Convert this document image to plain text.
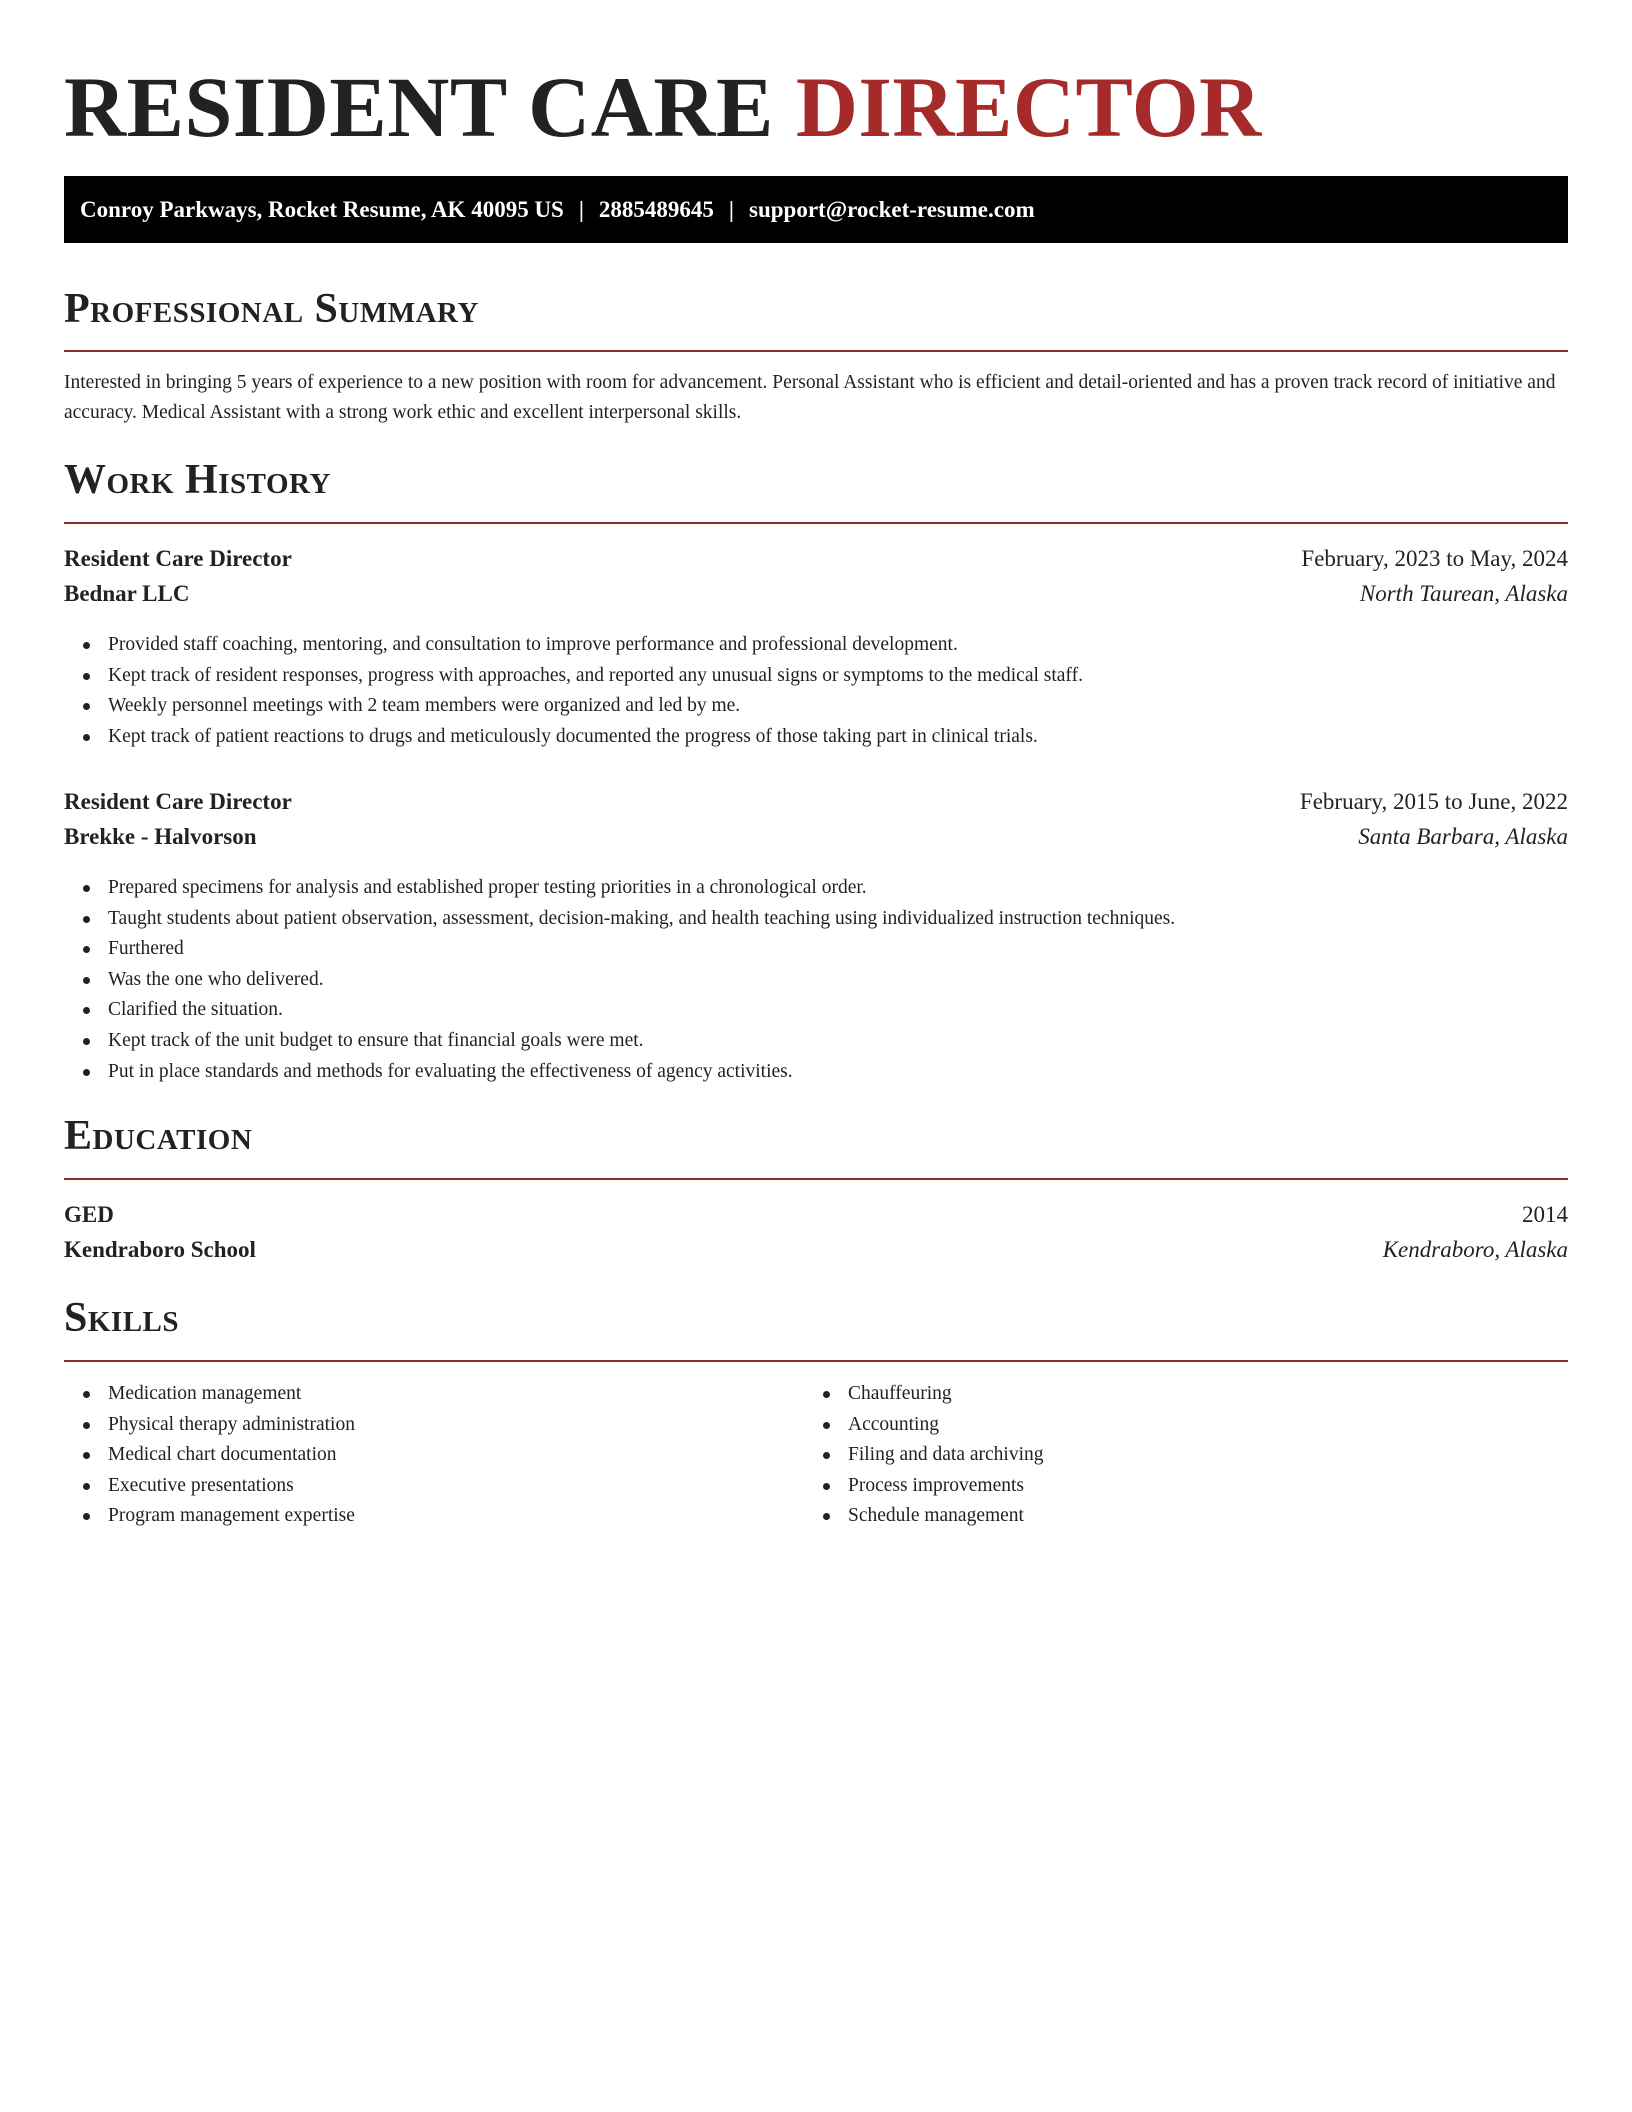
RESIDENT CARE DIRECTOR
Conroy Parkways, Rocket Resume, AK 40095 US | 2885489645 | support@rocket-resume.com
Professional Summary

Interested in bringing 5 years of experience to a new position with room for advancement. Personal Assistant who is efficient and detail-oriented and has a proven track record of initiative and accuracy. Medical Assistant with a strong work ethic and excellent interpersonal skills.

Work History
Resident Care Director	February, 2023 to May, 2024
Bednar LLC	North Taurean, Alaska
Provided staff coaching, mentoring, and consultation to improve performance and professional development.
Kept track of resident responses, progress with approaches, and reported any unusual signs or symptoms to the medical staff.
Weekly personnel meetings with 2 team members were organized and led by me.
Kept track of patient reactions to drugs and meticulously documented the progress of those taking part in clinical trials.
Resident Care Director	February, 2015 to June, 2022
Brekke - Halvorson	Santa Barbara, Alaska
Prepared specimens for analysis and established proper testing priorities in a chronological order.
Taught students about patient observation, assessment, decision-making, and health teaching using individualized instruction techniques.
Furthered
Was the one who delivered.
Clarified the situation.
Kept track of the unit budget to ensure that financial goals were met.
Put in place standards and methods for evaluating the effectiveness of agency activities.
Education
GED	2014
Kendraboro School	Kendraboro, Alaska
Skills
Medication management
Physical therapy administration
Medical chart documentation
Executive presentations
Program management expertise
Chauffeuring
Accounting
Filing and data archiving
Process improvements
Schedule management
